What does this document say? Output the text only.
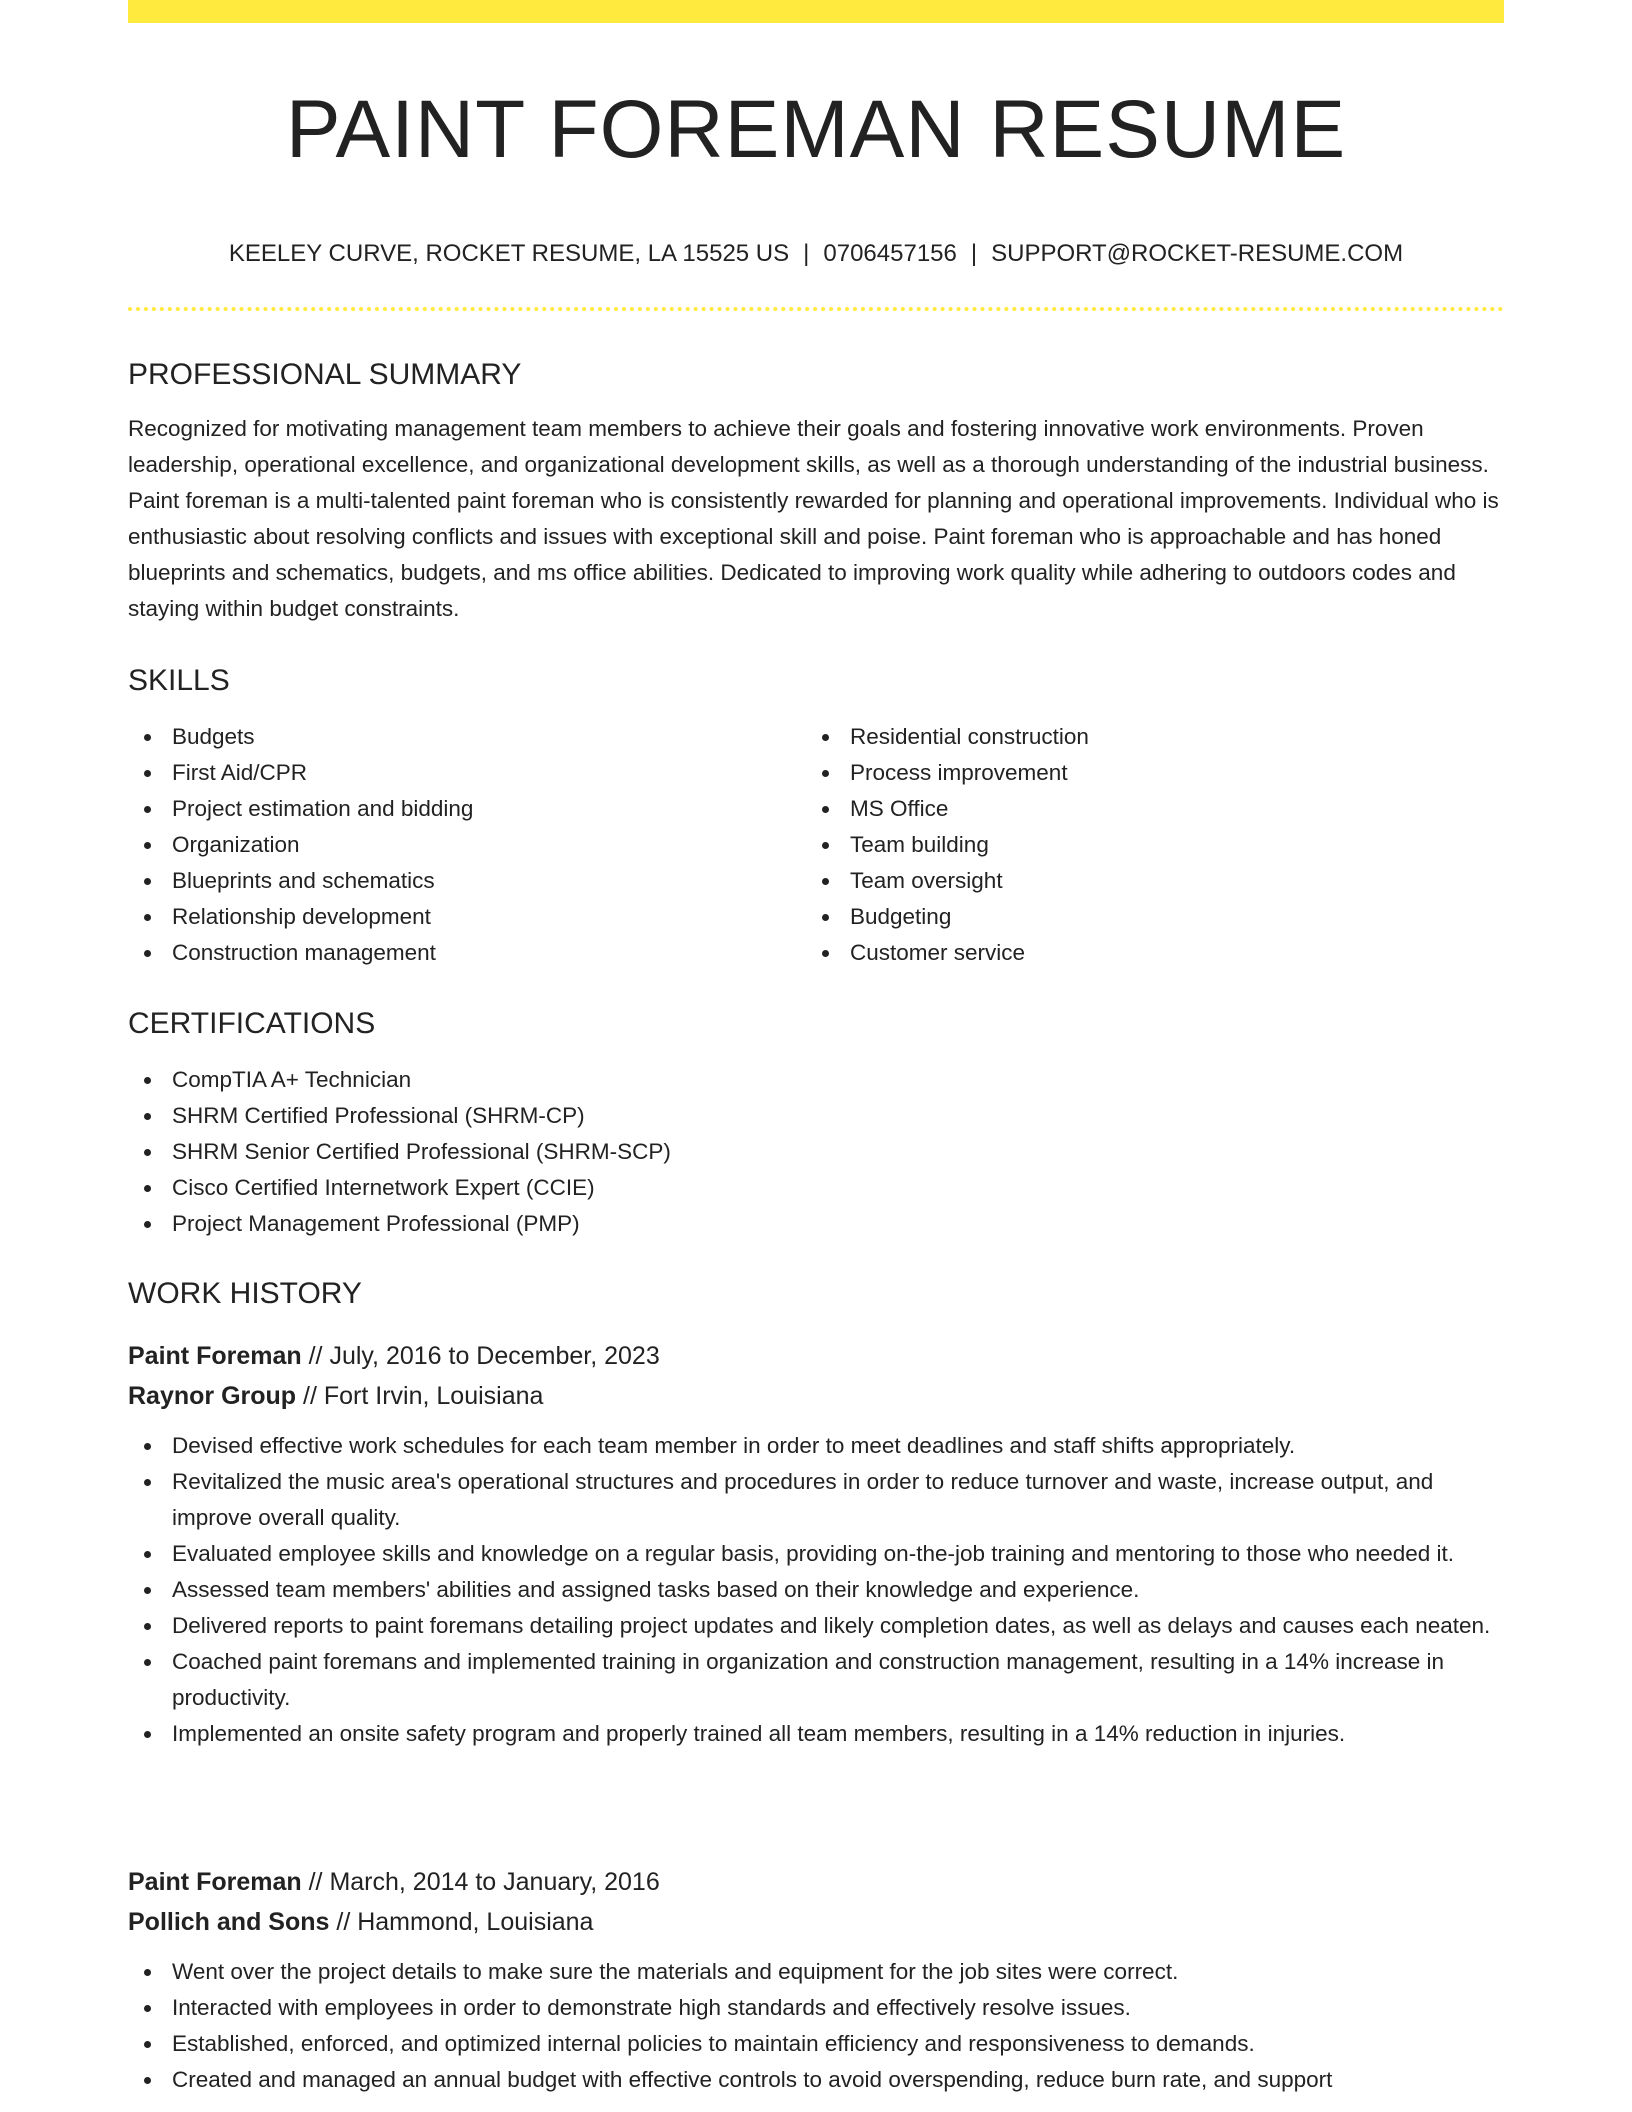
PAINT FOREMAN RESUME
KEELEY CURVE, ROCKET RESUME, LA 15525 US | 0706457156 | SUPPORT@ROCKET-RESUME.COM
PROFESSIONAL SUMMARY

Recognized for motivating management team members to achieve their goals and fostering innovative work environments. Proven leadership, operational excellence, and organizational development skills, as well as a thorough understanding of the industrial business. Paint foreman is a multi-talented paint foreman who is consistently rewarded for planning and operational improvements. Individual who is enthusiastic about resolving conflicts and issues with exceptional skill and poise. Paint foreman who is approachable and has honed blueprints and schematics, budgets, and ms office abilities. Dedicated to improving work quality while adhering to outdoors codes and staying within budget constraints.

SKILLS
Budgets
First Aid/CPR
Project estimation and bidding
Organization
Blueprints and schematics
Relationship development
Construction management
Residential construction
Process improvement
MS Office
Team building
Team oversight
Budgeting
Customer service
CERTIFICATIONS
CompTIA A+ Technician
SHRM Certified Professional (SHRM-CP)
SHRM Senior Certified Professional (SHRM-SCP)
Cisco Certified Internetwork Expert (CCIE)
Project Management Professional (PMP)
WORK HISTORY
Paint Foreman // July, 2016 to December, 2023
Raynor Group // Fort Irvin, Louisiana
Devised effective work schedules for each team member in order to meet deadlines and staff shifts appropriately.
Revitalized the music area's operational structures and procedures in order to reduce turnover and waste, increase output, and improve overall quality.
Evaluated employee skills and knowledge on a regular basis, providing on-the-job training and mentoring to those who needed it.
Assessed team members' abilities and assigned tasks based on their knowledge and experience.
Delivered reports to paint foremans detailing project updates and likely completion dates, as well as delays and causes each neaten.
Coached paint foremans and implemented training in organization and construction management, resulting in a 14% increase in productivity.
Implemented an onsite safety program and properly trained all team members, resulting in a 14% reduction in injuries.
Paint Foreman // March, 2014 to January, 2016
Pollich and Sons // Hammond, Louisiana
Went over the project details to make sure the materials and equipment for the job sites were correct.
Interacted with employees in order to demonstrate high standards and effectively resolve issues.
Established, enforced, and optimized internal policies to maintain efficiency and responsiveness to demands.
Created and managed an annual budget with effective controls to avoid overspending, reduce burn rate, and support
